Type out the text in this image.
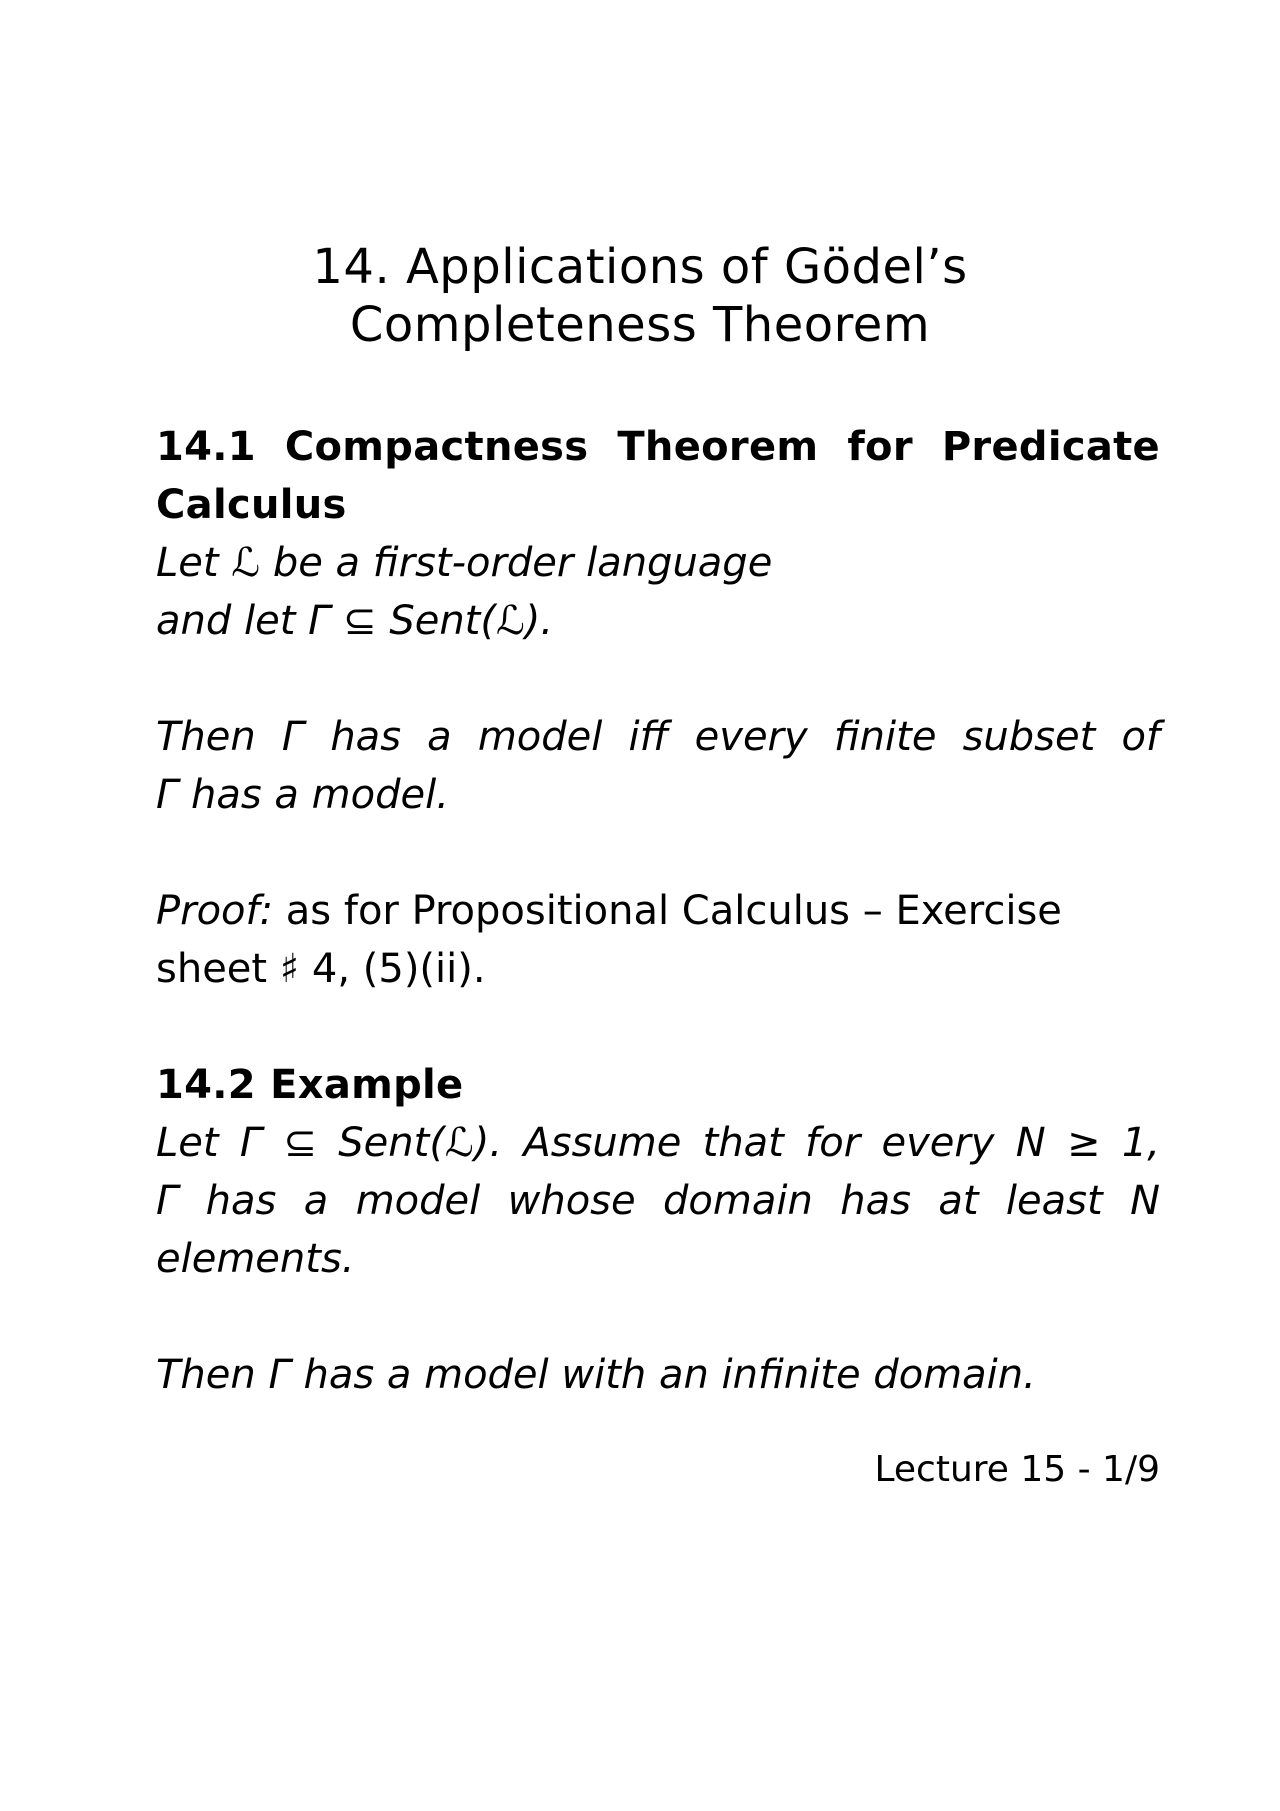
14. Applications of Gödel’s
Completeness Theorem
14.1 Compactness Theorem for Predicate
Calculus
Let ℒ be a first-order language
and let Γ ⊆ Sent(ℒ).
Then Γ has a model iff every finite subset of
Γ has a model.
Proof: as for Propositional Calculus – Exercise
sheet ♯ 4, (5)(ii).
14.2 Example
Let Γ ⊆ Sent(ℒ). Assume that for every N ≥ 1,
Γ has a model whose domain has at least N
elements.
Then Γ has a model with an infinite domain.
Lecture 15 - 1/9
